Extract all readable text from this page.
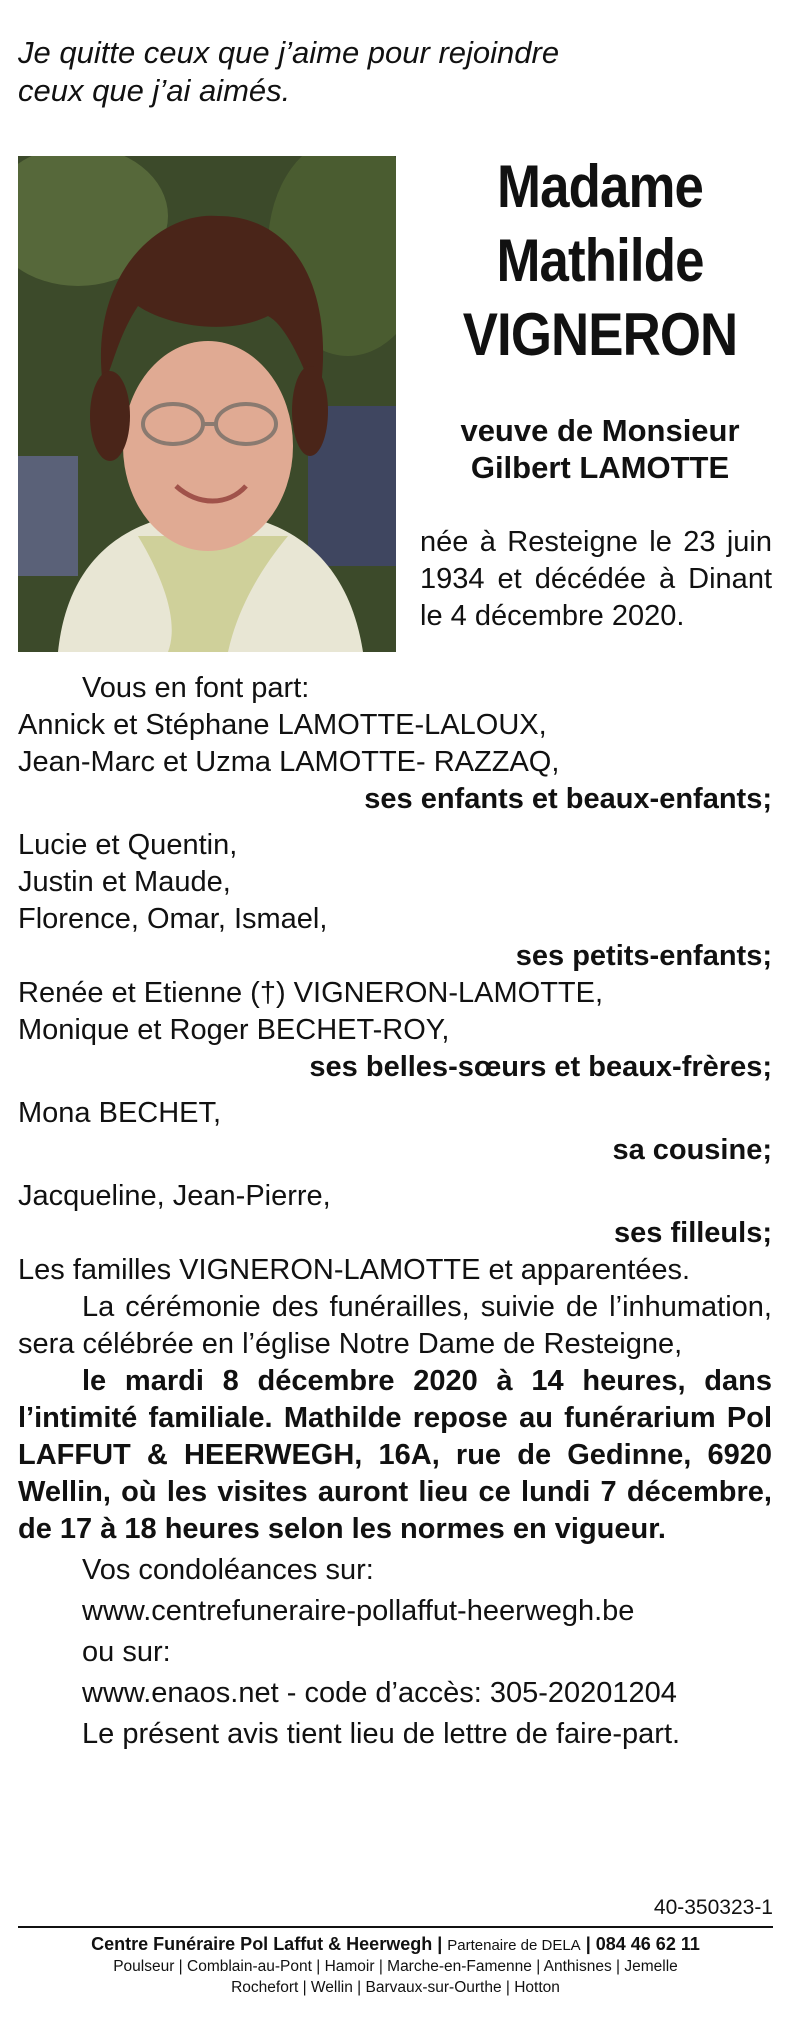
Je quitte ceux que j’aime pour rejoindre
ceux que j’ai aimés.
Madame
Mathilde
VIGNERON
veuve de Monsieur
Gilbert LAMOTTE
née à Resteigne le 23 juin 1934 et décédée à Dinant le 4 décembre 2020.

Vous en font part:

Annick et Stéphane LAMOTTE-LALOUX,

Jean-Marc et Uzma LAMOTTE- RAZZAQ,

ses enfants et beaux-enfants;

Lucie et Quentin,

Justin et Maude,

Florence, Omar, Ismael,

ses petits-enfants;

Renée et Etienne (†) VIGNERON-LAMOTTE,

Monique et Roger BECHET-ROY,

ses belles-sœurs et beaux-frères;

Mona BECHET,

sa cousine;

Jacqueline, Jean-Pierre,

ses filleuls;

Les familles VIGNERON-LAMOTTE et apparentées.

La cérémonie des funérailles, suivie de l’inhumation, sera célébrée en l’église Notre Dame de Resteigne,

le mardi 8 décembre 2020 à 14 heures, dans l’intimité familiale. Mathilde repose au funérarium Pol LAFFUT & HEERWEGH, 16A, rue de Gedinne, 6920 Wellin, où les visites auront lieu ce lundi 7 décembre, de 17 à 18 heures selon les normes en vigueur.

Vos condoléances sur:

www.centrefuneraire-pollaffut-heerwegh.be

ou sur:

www.enaos.net - code d’accès: 305-20201204

Le présent avis tient lieu de lettre de faire-part.

40-350323-1
Centre Funéraire Pol Laffut & Heerwegh | Partenaire de DELA | 084 46 62 11
Poulseur | Comblain-au-Pont | Hamoir | Marche-en-Famenne | Anthisnes | Jemelle
Rochefort | Wellin | Barvaux-sur-Ourthe | Hotton
